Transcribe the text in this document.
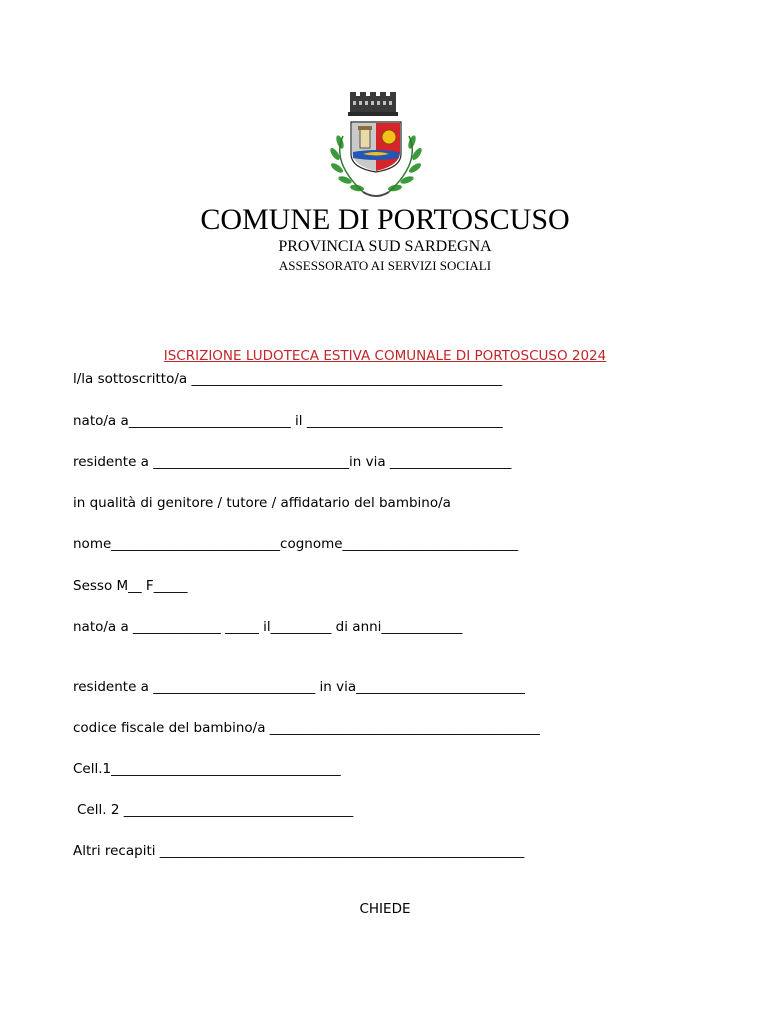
COMUNE DI PORTOSCUSO
PROVINCIA SUD SARDEGNA
ASSESSORATO AI SERVIZI SOCIALI
ISCRIZIONE LUDOTECA ESTIVA COMUNALE DI PORTOSCUSO 2024
l/la sottoscritto/a ______________________________________________
nato/a a________________________ il _____________________________
residente a _____________________________in via __________________
in qualità di genitore / tutore / affidatario del bambino/a
nome_________________________cognome__________________________
Sesso M__ F_____
nato/a a _____________ _____ il_________ di anni____________
residente a ________________________ in via_________________________
codice fiscale del bambino/a ________________________________________
Cell.1__________________________________
Cell. 2 __________________________________
Altri recapiti ______________________________________________________
CHIEDE
